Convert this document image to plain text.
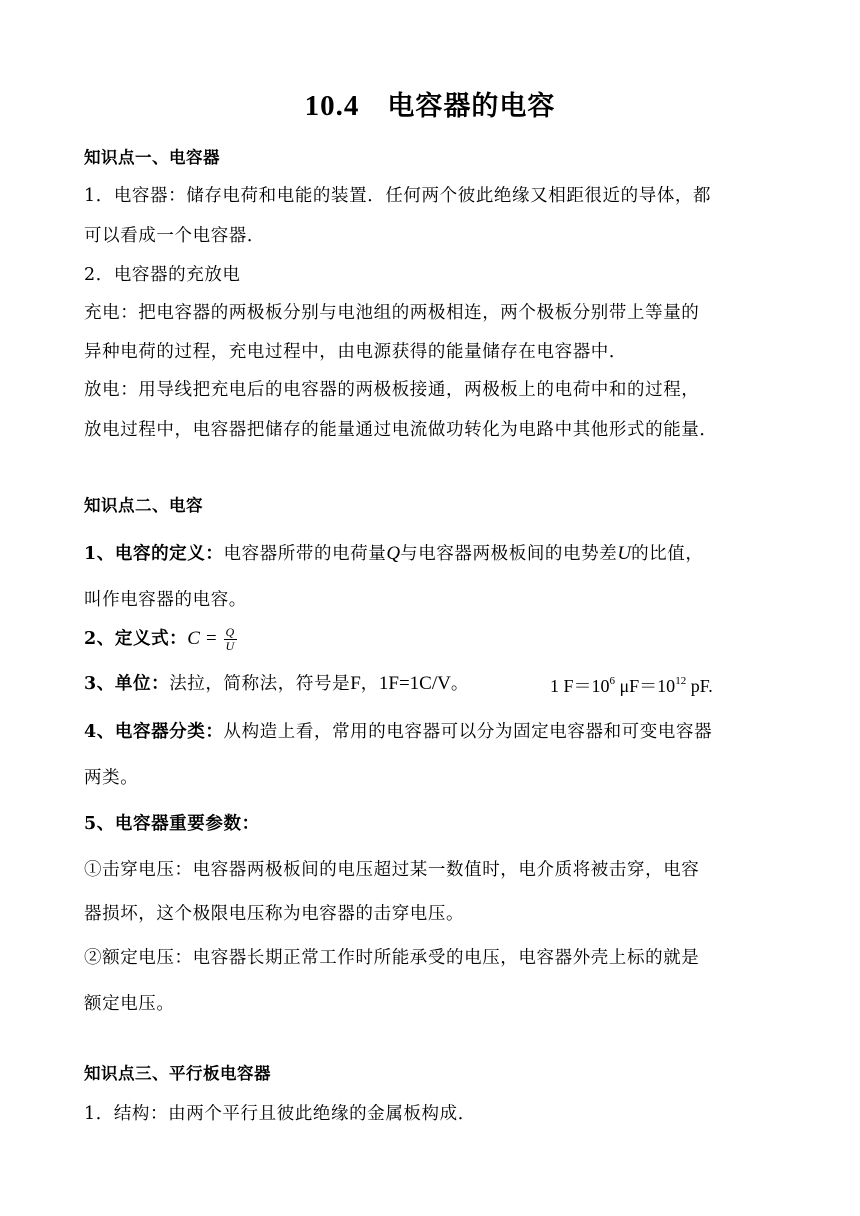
10.4 电容器的电容
知识点一、电容器
1．电容器：储存电荷和电能的装置．任何两个彼此绝缘又相距很近的导体，都
可以看成一个电容器．
2．电容器的充放电
充电：把电容器的两极板分别与电池组的两极相连，两个极板分别带上等量的
异种电荷的过程，充电过程中，由电源获得的能量储存在电容器中．
放电：用导线把充电后的电容器的两极板接通，两极板上的电荷中和的过程，
放电过程中，电容器把储存的能量通过电流做功转化为电路中其他形式的能量．
知识点二、电容
1、电容的定义：电容器所带的电荷量Q与电容器两极板间的电势差U的比值，
叫作电容器的电容。
2、定义式：$C = \frac{Q}{U}$
3、单位：法拉，简称法，符号是F，1F=1C/V。	1 $F=10^6$ $\mu F=10^{12}$ pF.
4、电容器分类：从构造上看，常用的电容器可以分为固定电容器和可变电容器
两类。
5、电容器重要参数：
①击穿电压：电容器两极板间的电压超过某一数值时，电介质将被击穿，电容
器损坏，这个极限电压称为电容器的击穿电压。
②额定电压：电容器长期正常工作时所能承受的电压，电容器外壳上标的就是
额定电压。
知识点三、平行板电容器
1．结构：由两个平行且彼此绝缘的金属板构成．
